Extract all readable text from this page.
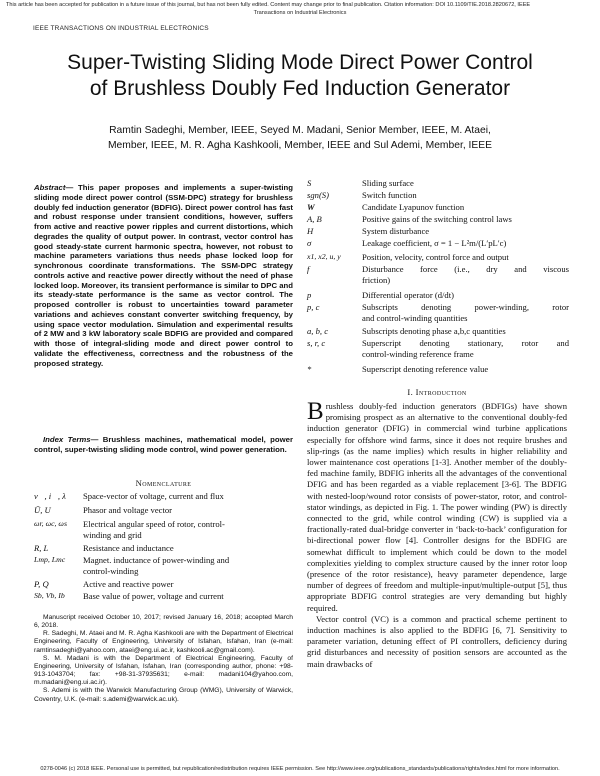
This article has been accepted for publication in a future issue of this journal, but has not been fully edited. Content may change prior to final publication. Citation information: DOI 10.1109/TIE.2018.2820672, IEEE
Transactions on Industrial Electronics
IEEE TRANSACTIONS ON INDUSTRIAL ELECTRONICS
Super-Twisting Sliding Mode Direct Power Control
of Brushless Doubly Fed Induction Generator
Ramtin Sadeghi, Member, IEEE, Seyed M. Madani, Senior Member, IEEE, M. Ataei,
Member, IEEE, M. R. Agha Kashkooli, Member, IEEE and Sul Ademi, Member, IEEE
Abstract— This paper proposes and implements a super-twisting sliding mode direct power control (SSM-DPC) strategy for brushless doubly fed induction generator (BDFIG). Direct power control has fast and robust response under transient conditions, however, suffers from active and reactive power ripples and current distortions, which degrades the quality of output power. In contrast, vector control has good steady-state current harmonic spectra, however, not robust to machine parameters variations thus needs phase locked loop for synchronous coordinate transformations. The SSM-DPC strategy controls active and reactive power directly without the need of phase locked loop. Moreover, its transient performance is similar to DPC and its steady-state performance is the same as vector control. The proposed controller is robust to uncertainties toward parameter variations and achieves constant converter switching frequency, by using space vector modulation. Simulation and experimental results of 2 MW and 3 kW laboratory scale BDFIG are provided and compared with those of integral-sliding mode and direct power control to validate the effectiveness, correctness and the robustness of the proposed strategy.
Index Terms— Brushless machines, mathematical model, power control, super-twisting sliding mode control, wind power generation.
Nomenclature
v⃗, i⃗, λ⃗ Space-vector of voltage, current and flux
Ū, U	Phasor and voltage vector
ωr, ωc, ωs Electrical angular speed of rotor, control-
winding and grid
R, L	Resistance and inductance
Lmp, Lmc Magnet. inductance of power-winding and
control-winding
P, Q	Active and reactive power
Sb, Vb, Ib Base value of power, voltage and current

Manuscript received October 10, 2017; revised January 16, 2018; accepted March 6, 2018.

R. Sadeghi, M. Ataei and M. R. Agha Kashkooli are with the Department of Electrical Engineering, Faculty of Engineering, University of Isfahan, Isfahan, Iran (e-mail: ramtinsadeghi@yahoo.com, ataei@eng.ui.ac.ir, kashkooli.ac@gmail.com).

S. M. Madani is with the Department of Electrical Engineering, Faculty of Engineering, University of Isfahan, Isfahan, Iran (corresponding author, phone: +98-913-1043704; fax: +98-31-37935631; e-mail: madani104@yahoo.com, m.madani@eng.ui.ac.ir).

S. Ademi is with the Warwick Manufacturing Group (WMG), University of Warwick, Coventry, U.K. (e-mail: s.ademi@warwick.ac.uk).

S	Sliding surface
sgn(S)	Switch function
W	Candidate Lyapunov function
A, B	Positive gains of the switching control laws
H	System disturbance
σ	Leakage coefficient, σ = 1 − L²m/(L′pL′c)
x1, x2, u, y Position, velocity, control force and output
f	Disturbance force (i.e., dry and viscous
friction)
p	Differential operator (d/dt)
p, c	Subscripts denoting power-winding, rotor
and control-winding quantities
a, b, c	Subscripts denoting phase a,b,c quantities
s, r, c	Superscript denoting stationary, rotor and
control-winding reference frame
*	Superscript denoting reference value
I. Introduction
Brushless doubly-fed induction generators (BDFIGs) have shown promising prospect as an alternative to the conventional doubly-fed induction generator (DFIG) in commercial wind turbine applications especially for offshore wind farms, since it does not require brushes and slip-rings (as the name implies) which results in higher reliability and lower maintenance cost operations [1-3]. Another member of the doubly-fed machine family, BDFIG inherits all the advantages of the conventional DFIG and has been regarded as a viable replacement [3-6]. The BDFIG with nested-loop/wound rotor consists of power-stator, rotor, and control-stator windings, as depicted in Fig. 1. The power winding (PW) is directly connected to the grid, while control winding (CW) is supplied via a fractionally-rated dual-bridge converter in ‘back-to-back’ configuration for bi-directional power flow [4]. Controller designs for the BDFIG are somewhat difficult to implement which could be down to the model complexities yielding to complex structure caused by the inner rotor loop (presence of the rotor resistance), heavy parameter dependence, large number of degrees of freedom and multiple-input/multiple-output [5], thus appropriate BDFIG control strategies are very demanding but highly required.
Vector control (VC) is a common and practical scheme pertinent to induction machines is also applied to the BDFIG [6, 7]. Sensitivity to parameter variation, detuning effect of PI controllers, deficiency during grid disturbances and necessity of position sensors are accounted as the main drawbacks of
0278-0046 (c) 2018 IEEE. Personal use is permitted, but republication/redistribution requires IEEE permission. See http://www.ieee.org/publications_standards/publications/rights/index.html for more information.
